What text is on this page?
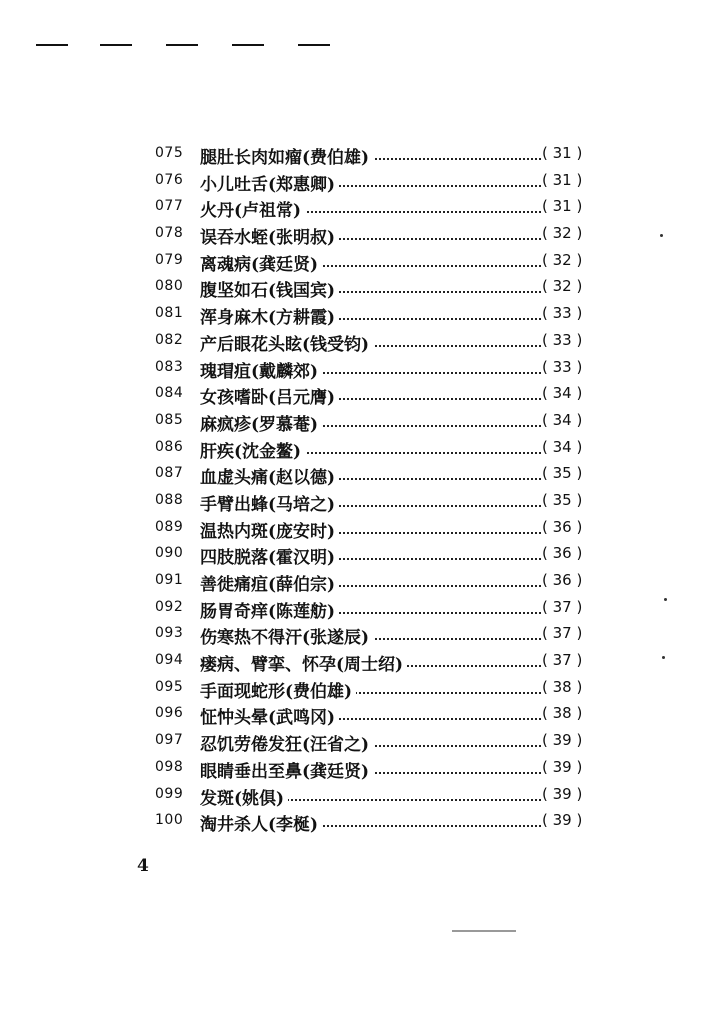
075 腿肚长肉如瘤(费伯雄)	( 31 )
076 小儿吐舌(郑惠卿)	( 31 )
077 火丹(卢祖常)	( 31 )
078 误吞水蛭(张明叔)	( 32 )
079 离魂病(龚廷贤)	( 32 )
080 腹坚如石(钱国宾)	( 32 )
081 浑身麻木(方耕霞)	( 33 )
082 产后眼花头眩(钱受钧)	( 33 )
083 瑰瑁疽(戴麟郊)	( 33 )
084 女孩嗜卧(吕元膺)	( 34 )
085 麻疯疹(罗慕菴)	( 34 )
086 肝疾(沈金鳌)	( 34 )
087 血虚头痛(赵以德)	( 35 )
088 手臂出蜂(马培之)	( 35 )
089 温热内斑(庞安时)	( 36 )
090 四肢脱落(霍汉明)	( 36 )
091 善徙痛疽(薛伯宗)	( 36 )
092 肠胃奇痒(陈莲舫)	( 37 )
093 伤寒热不得汗(张遂辰)	( 37 )
094 瘘病、臂挛、怀孕(周士绍)	( 37 )
095 手面现蛇形(费伯雄)	( 38 )
096 怔忡头晕(武鸣冈)	( 38 )
097 忍饥劳倦发狂(汪省之)	( 39 )
098 眼睛垂出至鼻(龚廷贤)	( 39 )
099 发斑(姚俱)	( 39 )
100 淘井杀人(李梴)	( 39 )
4
